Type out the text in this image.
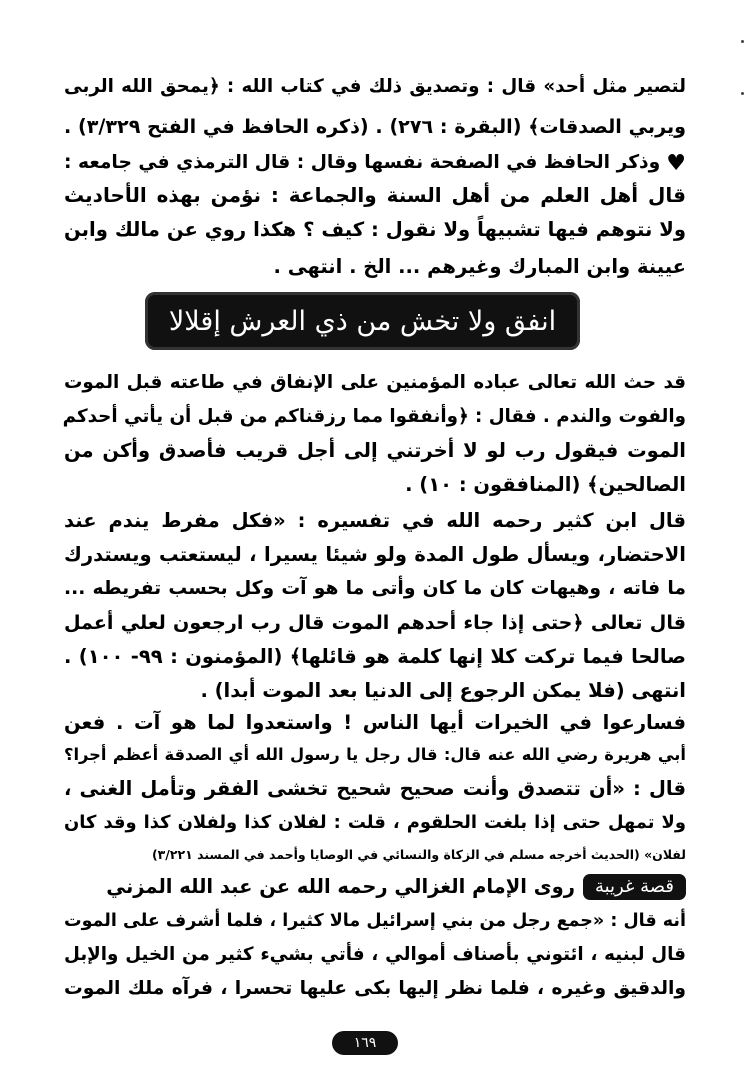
لتصير مثل أحد» قال : وتصديق ذلك في كتاب الله : ﴿يمحق الله الربى
ويربي الصدقات﴾ (البقرة : ٢٧٦) . (ذكره الحافظ في الفتح ٣/٣٢٩) .
♥وذكر الحافظ في الصفحة نفسها وقال : قال الترمذي في جامعه :
قال أهل العلم من أهل السنة والجماعة : نؤمن بهذه الأحاديث
ولا نتوهم فيها تشبيهاً ولا نقول : كيف ؟ هكذا روي عن مالك وابن
عيينة وابن المبارك وغيرهم ... الخ . انتهى .
انفق ولا تخش من ذي العرش إقلالا
قد حث الله تعالى عباده المؤمنين على الإنفاق في طاعته قبل الموت
والفوت والندم . فقال : ﴿وأنفقوا مما رزقناكم من قبل أن يأتي أحدكم
الموت فيقول رب لو لا أخرتني إلى أجل قريب فأصدق وأكن من
الصالحين﴾ (المنافقون : ١٠) .
قال ابن كثير رحمه الله في تفسيره : «فكل مفرط يندم عند
الاحتضار، ويسأل طول المدة ولو شيئا يسيرا ، ليستعتب ويستدرك
ما فاته ، وهيهات كان ما كان وأتى ما هو آت وكل بحسب تفريطه ...
قال تعالى ﴿حتى إذا جاء أحدهم الموت قال رب ارجعون لعلي أعمل
صالحا فيما تركت كلا إنها كلمة هو قائلها﴾ (المؤمنون : ٩٩- ١٠٠) .
انتهى (فلا يمكن الرجوع إلى الدنيا بعد الموت أبدا) .
فسارعوا في الخيرات أيها الناس ! واستعدوا لما هو آت . فعن
أبي هريرة رضي الله عنه قال: قال رجل يا رسول الله أي الصدقة أعظم أجرا؟
قال : «أن تتصدق وأنت صحيح شحيح تخشى الفقر وتأمل الغنى ،
ولا تمهل حتى إذا بلغت الحلقوم ، قلت : لفلان كذا ولفلان كذا وقد كان
لفلان» (الحديث أخرجه مسلم في الزكاة والنسائي في الوصايا وأحمد في المسند ٣/٢٢١)
قصة غريبةروى الإمام الغزالي رحمه الله عن عبد الله المزني
أنه قال : «جمع رجل من بني إسرائيل مالا كثيرا ، فلما أشرف على الموت
قال لبنيه ، ائتوني بأصناف أموالي ، فأتي بشيء كثير من الخيل والإبل
والدقيق وغيره ، فلما نظر إليها بكى عليها تحسرا ، فرآه ملك الموت
١٦٩
